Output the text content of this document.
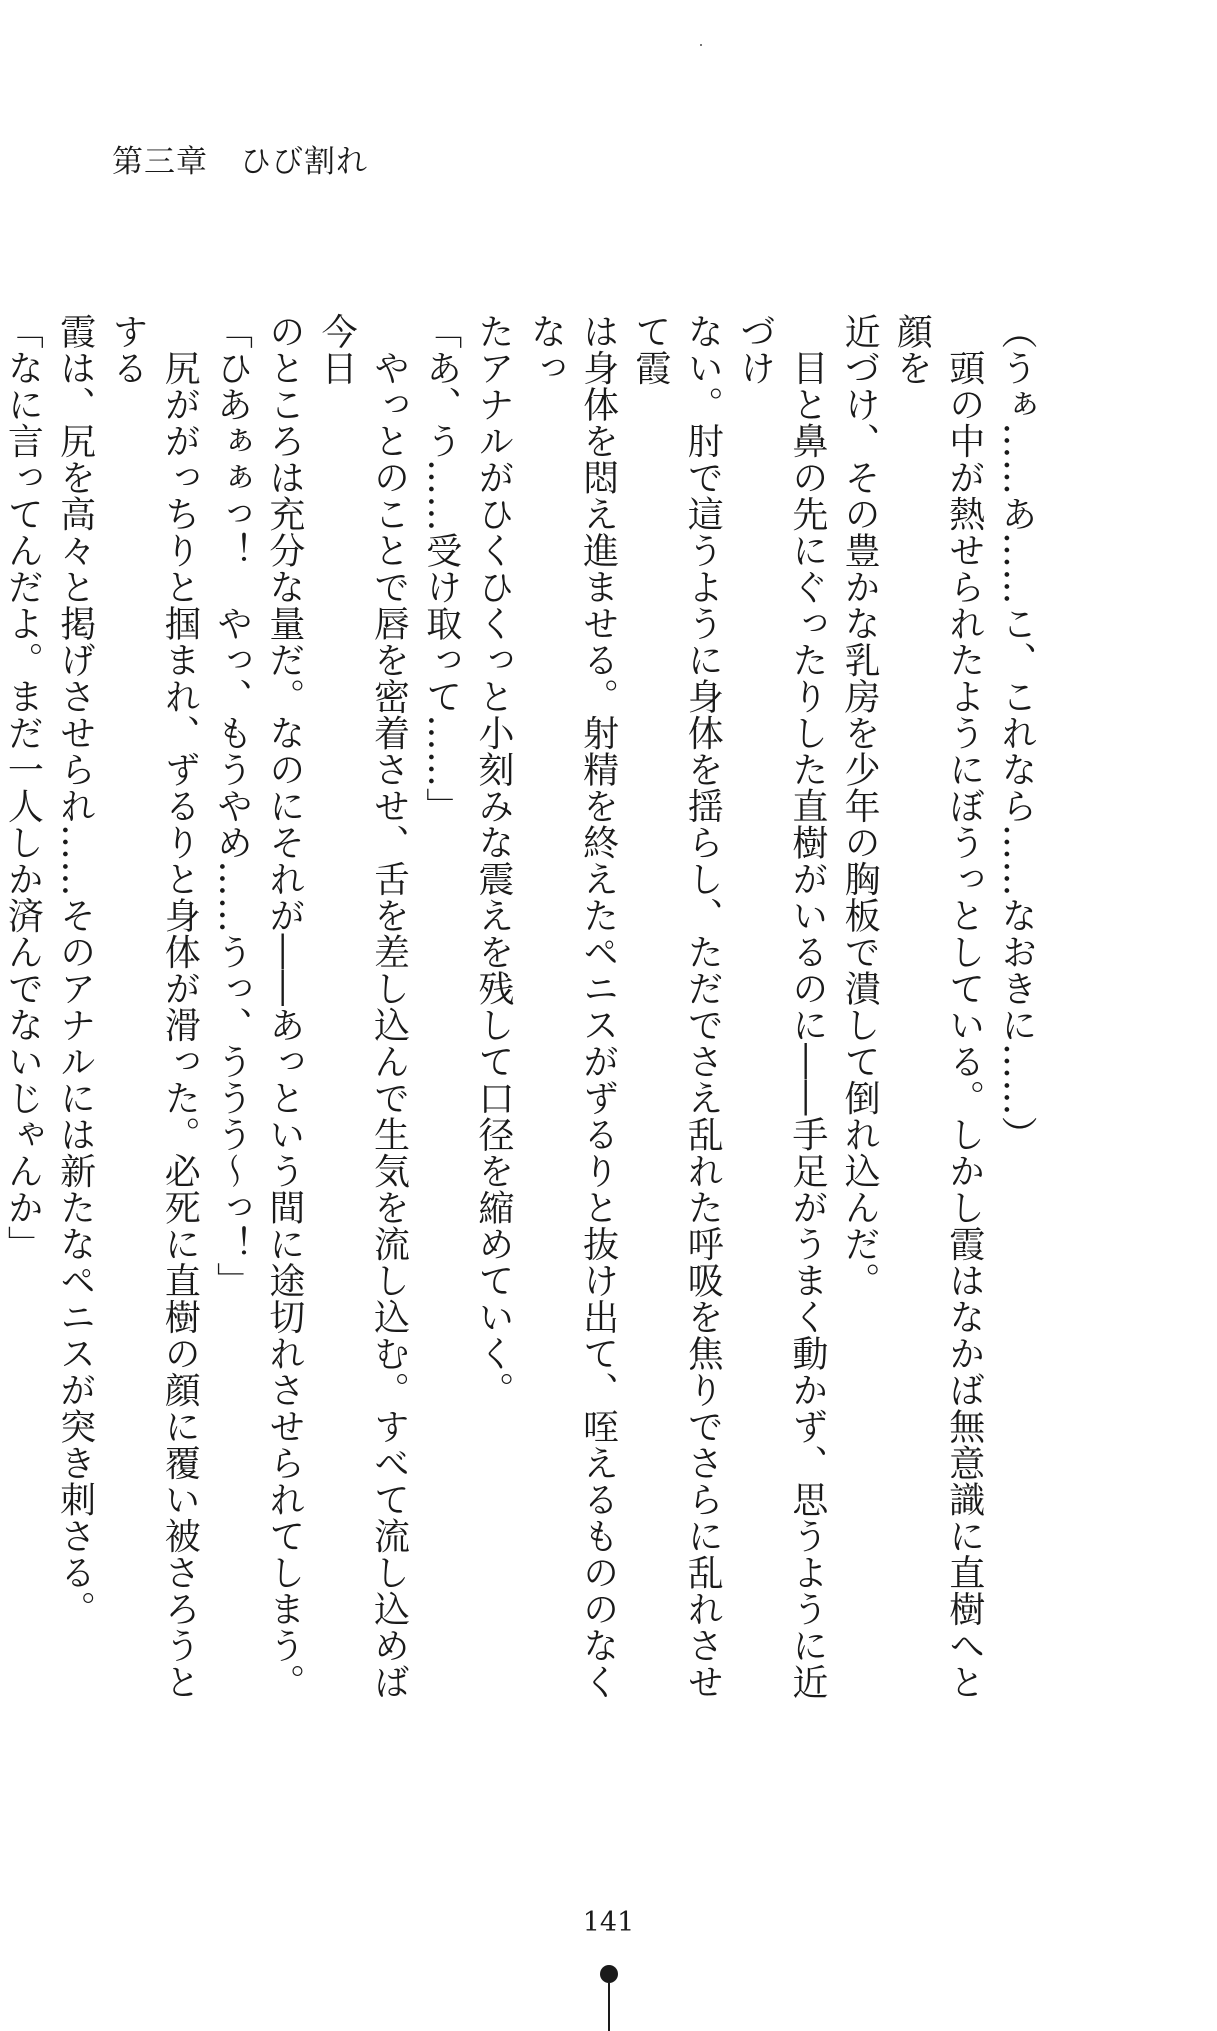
第三章　ひび割れ

（うぁ……あ……こ、これなら……なおきに……）

　頭の中が熱せられたようにぼうっとしている。しかし霞はなかば無意識に直樹へと顔を

近づけ、その豊かな乳房を少年の胸板で潰して倒れ込んだ。

　目と鼻の先にぐったりした直樹がいるのに――手足がうまく動かず、思うように近づけ

ない。肘で這うように身体を揺らし、ただでさえ乱れた呼吸を焦りでさらに乱れさせて霞

は身体を悶え進ませる。射精を終えたペニスがずるりと抜け出て、咥えるもののなくなっ

たアナルがひくひくっと小刻みな震えを残して口径を縮めていく。

「あ、う……受け取って……」

　やっとのことで唇を密着させ、舌を差し込んで生気を流し込む。すべて流し込めば今日

のところは充分な量だ。なのにそれが――あっという間に途切れさせられてしまう。

「ひあぁぁっ！　やっ、もうやめ……うっ、ううう～っ！」

　尻ががっちりと掴まれ、ずるりと身体が滑った。必死に直樹の顔に覆い被さろうとする

霞は、尻を高々と掲げさせられ……そのアナルには新たなペニスが突き刺さる。

「なに言ってんだよ。まだ一人しか済んでないじゃんか」

141
